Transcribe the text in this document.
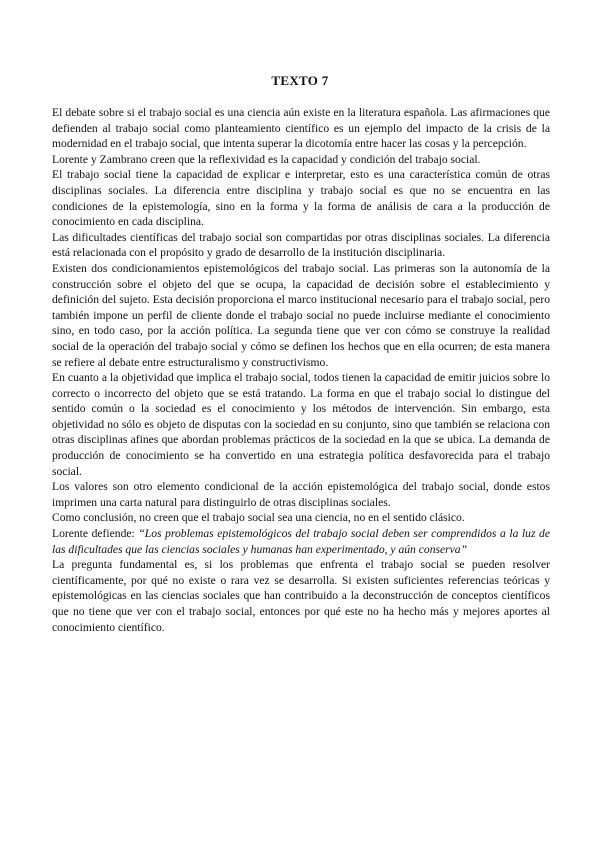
TEXTO 7

El debate sobre si el trabajo social es una ciencia aún existe en la literatura española. Las afirmaciones que defienden al trabajo social como planteamiento científico es un ejemplo del impacto de la crisis de la modernidad en el trabajo social, que intenta superar la dicotomía entre hacer las cosas y la percepción.

Lorente y Zambrano creen que la reflexividad es la capacidad y condición del trabajo social.

El trabajo social tiene la capacidad de explicar e interpretar, esto es una característica común de otras disciplinas sociales. La diferencia entre disciplina y trabajo social es que no se encuentra en las condiciones de la epistemología, sino en la forma y la forma de análisis de cara a la producción de conocimiento en cada disciplina.

Las dificultades científicas del trabajo social son compartidas por otras disciplinas sociales. La diferencia está relacionada con el propósito y grado de desarrollo de la institución disciplinaria.

Existen dos condicionamientos epistemológicos del trabajo social. Las primeras son la autonomía de la construcción sobre el objeto del que se ocupa, la capacidad de decisión sobre el establecimiento y definición del sujeto. Esta decisión proporciona el marco institucional necesario para el trabajo social, pero también impone un perfil de cliente donde el trabajo social no puede incluirse mediante el conocimiento sino, en todo caso, por la acción política. La segunda tiene que ver con cómo se construye la realidad social de la operación del trabajo social y cómo se definen los hechos que en ella ocurren; de esta manera se refiere al debate entre estructuralismo y constructivismo.

En cuanto a la objetividad que implica el trabajo social, todos tienen la capacidad de emitir juicios sobre lo correcto o incorrecto del objeto que se está tratando. La forma en que el trabajo social lo distingue del sentido común o la sociedad es el conocimiento y los métodos de intervención. Sin embargo, esta objetividad no sólo es objeto de disputas con la sociedad en su conjunto, sino que también se relaciona con otras disciplinas afines que abordan problemas prácticos de la sociedad en la que se ubica. La demanda de producción de conocimiento se ha convertido en una estrategia política desfavorecida para el trabajo social.

Los valores son otro elemento condicional de la acción epistemológica del trabajo social, donde estos imprimen una carta natural para distinguirlo de otras disciplinas sociales.

Como conclusión, no creen que el trabajo social sea una ciencia, no en el sentido clásico.

Lorente defiende: “Los problemas epistemológicos del trabajo social deben ser comprendidos a la luz de las dificultades que las ciencias sociales y humanas han experimentado, y aún conserva”

La pregunta fundamental es, si los problemas que enfrenta el trabajo social se pueden resolver científicamente, por qué no existe o rara vez se desarrolla. Si existen suficientes referencias teóricas y epistemológicas en las ciencias sociales que han contribuido a la deconstrucción de conceptos científicos que no tiene que ver con el trabajo social, entonces por qué este no ha hecho más y mejores aportes al conocimiento científico.
